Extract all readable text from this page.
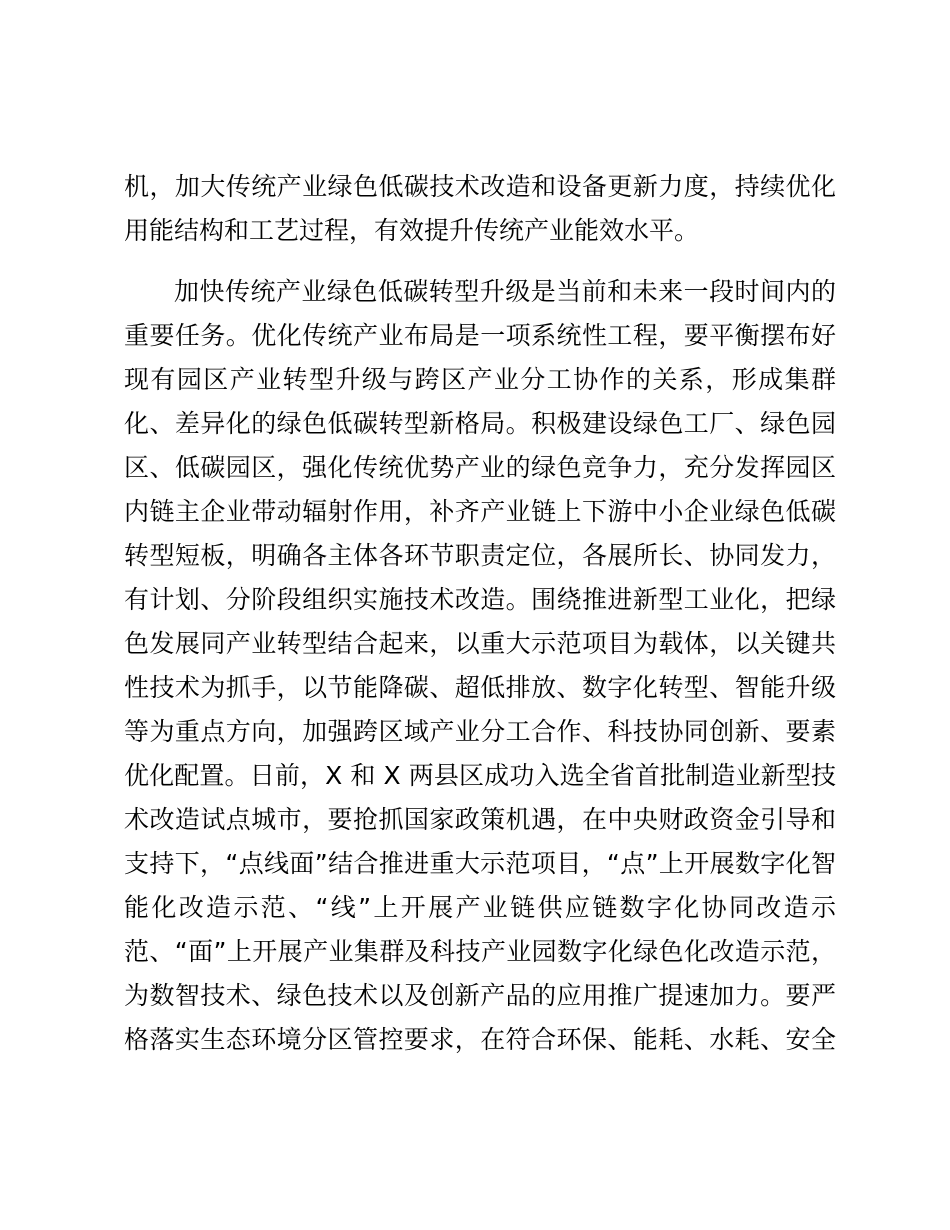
机，加大传统产业绿色低碳技术改造和设备更新力度，持续优化
用能结构和工艺过程，有效提升传统产业能效水平。
加快传统产业绿色低碳转型升级是当前和未来一段时间内的
重要任务。优化传统产业布局是一项系统性工程，要平衡摆布好
现有园区产业转型升级与跨区产业分工协作的关系，形成集群
化、差异化的绿色低碳转型新格局。积极建设绿色工厂、绿色园
区、低碳园区，强化传统优势产业的绿色竞争力，充分发挥园区
内链主企业带动辐射作用，补齐产业链上下游中小企业绿色低碳
转型短板，明确各主体各环节职责定位，各展所长、协同发力，
有计划、分阶段组织实施技术改造。围绕推进新型工业化，把绿
色发展同产业转型结合起来，以重大示范项目为载体，以关键共
性技术为抓手，以节能降碳、超低排放、数字化转型、智能升级
等为重点方向，加强跨区域产业分工合作、科技协同创新、要素
优化配置。日前，X 和 X 两县区成功入选全省首批制造业新型技
术改造试点城市，要抢抓国家政策机遇，在中央财政资金引导和
支持下，“点线面”结合推进重大示范项目，“点”上开展数字化智
能化改造示范、“线”上开展产业链供应链数字化协同改造示
范、“面”上开展产业集群及科技产业园数字化绿色化改造示范，
为数智技术、绿色技术以及创新产品的应用推广提速加力。要严
格落实生态环境分区管控要求，在符合环保、能耗、水耗、安全
